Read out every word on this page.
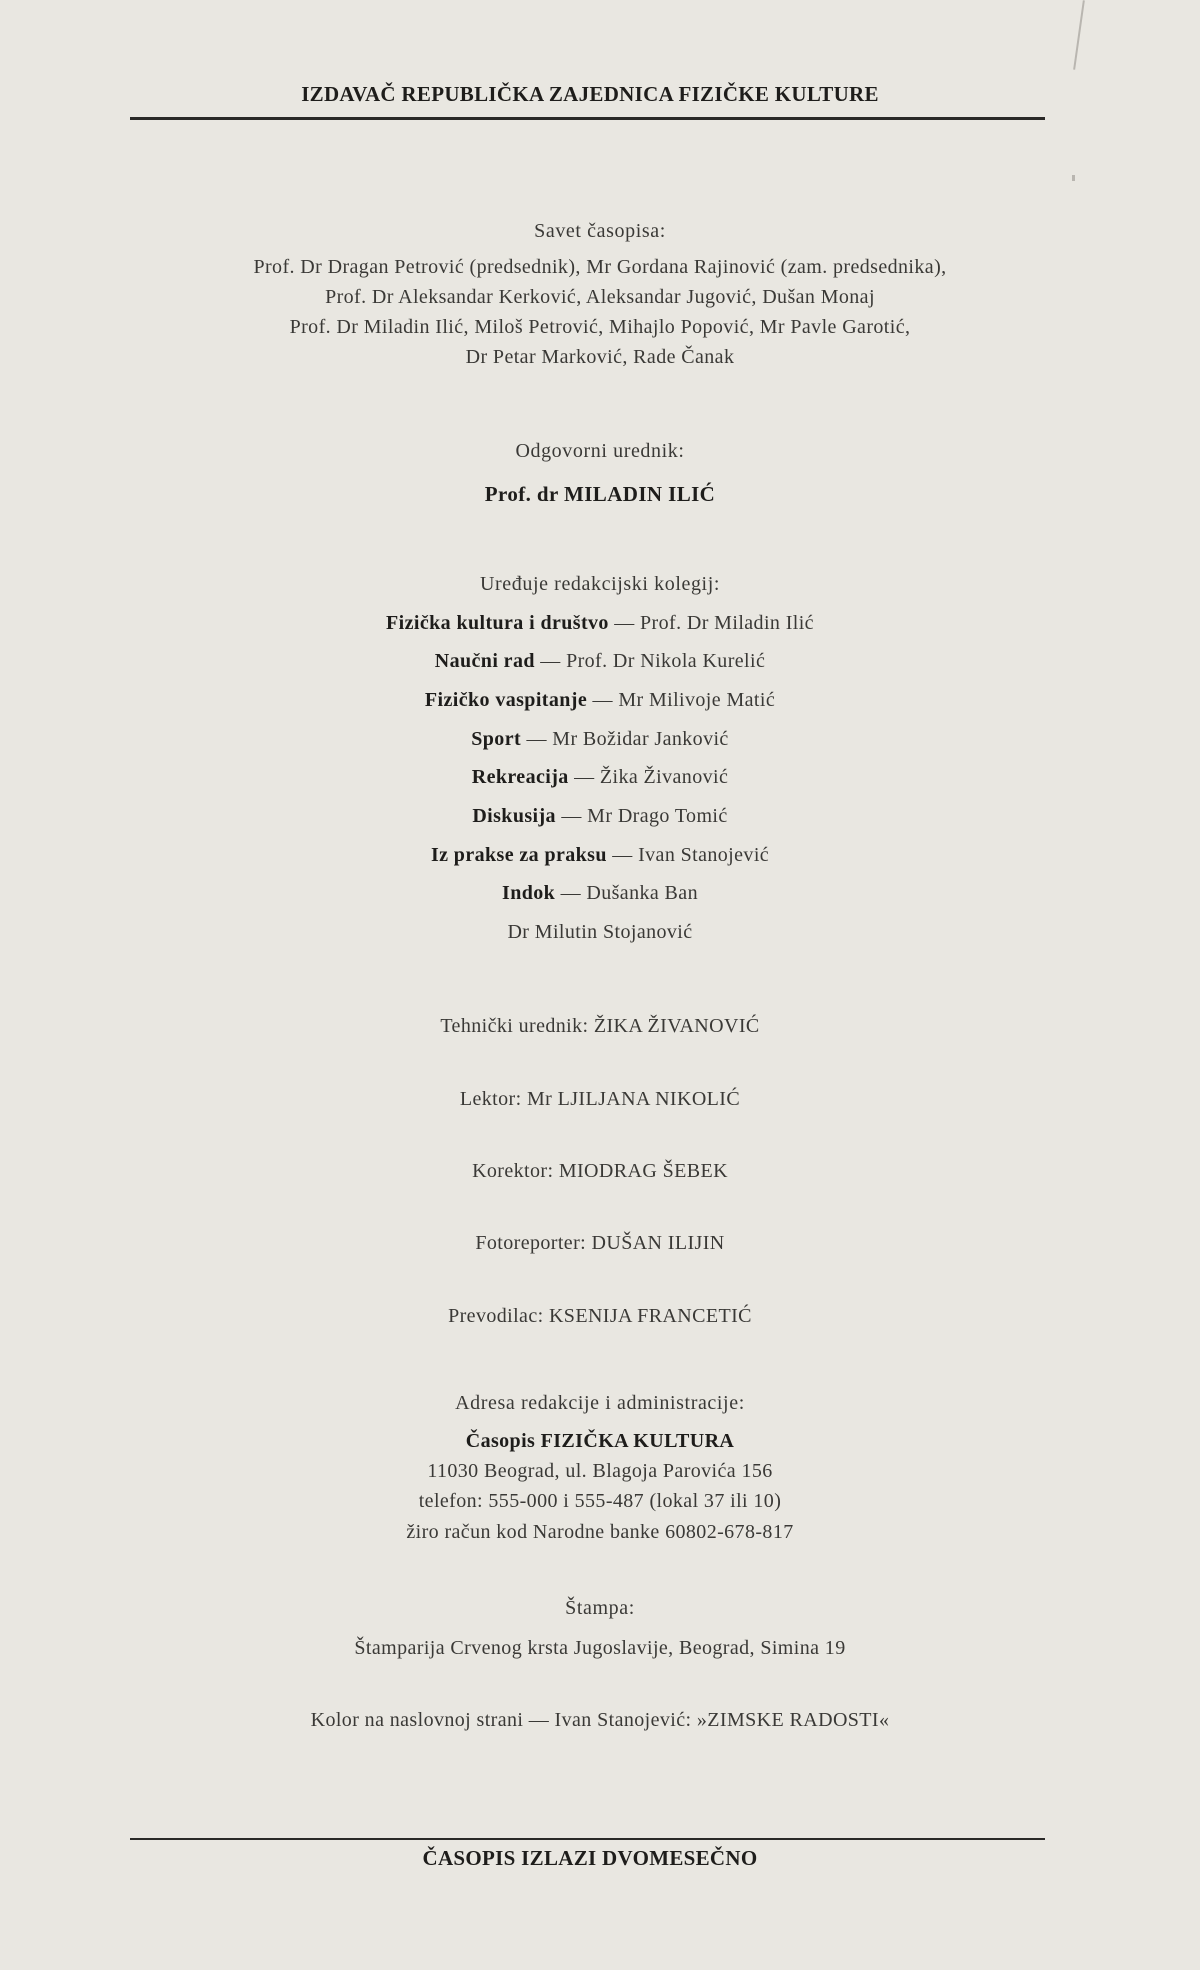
IZDAVAČ REPUBLIČKA ZAJEDNICA FIZIČKE KULTURE
Savet časopisa:
Prof. Dr Dragan Petrović (predsednik), Mr Gordana Rajinović (zam. predsednika),
Prof. Dr Aleksandar Kerković, Aleksandar Jugović, Dušan Monaj
Prof. Dr Miladin Ilić, Miloš Petrović, Mihajlo Popović, Mr Pavle Garotić,
Dr Petar Marković, Rade Čanak
Odgovorni urednik:
Prof. dr MILADIN ILIĆ
Uređuje redakcijski kolegij:
Fizička kultura i društvo — Prof. Dr Miladin Ilić
Naučni rad — Prof. Dr Nikola Kurelić
Fizičko vaspitanje — Mr Milivoje Matić
Sport — Mr Božidar Janković
Rekreacija — Žika Živanović
Diskusija — Mr Drago Tomić
Iz prakse za praksu — Ivan Stanojević
Indok — Dušanka Ban
Dr Milutin Stojanović
Tehnički urednik: ŽIKA ŽIVANOVIĆ
Lektor: Mr LJILJANA NIKOLIĆ
Korektor: MIODRAG ŠEBEK
Fotoreporter: DUŠAN ILIJIN
Prevodilac: KSENIJA FRANCETIĆ
Adresa redakcije i administracije:
Časopis FIZIČKA KULTURA
11030 Beograd, ul. Blagoja Parovića 156
telefon: 555-000 i 555-487 (lokal 37 ili 10)
žiro račun kod Narodne banke 60802-678-817
Štampa:
Štamparija Crvenog krsta Jugoslavije, Beograd, Simina 19
Kolor na naslovnoj strani — Ivan Stanojević: »ZIMSKE RADOSTI«
ČASOPIS IZLAZI DVOMESEČNO
